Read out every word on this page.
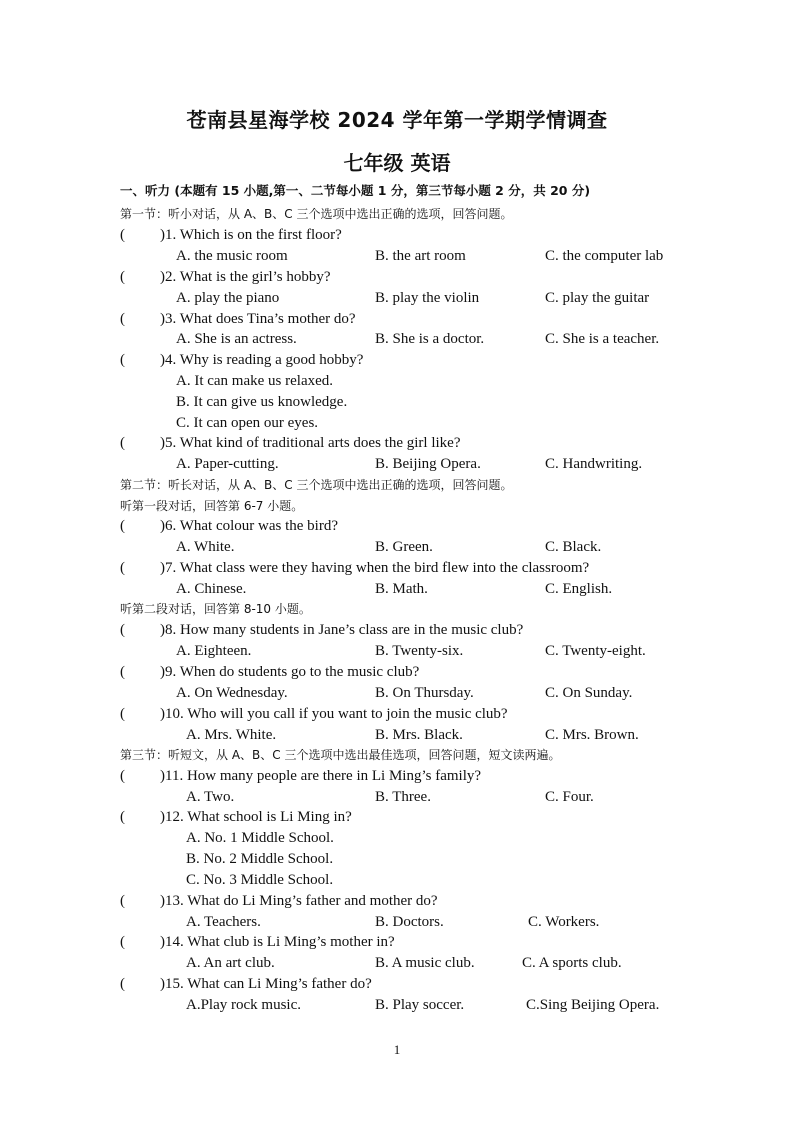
苍南县星海学校 2024 学年第一学期学情调查
七年级 英语
一、听力 (本题有 15 小题,第一、二节每小题 1 分，第三节每小题 2 分，共 20 分)
第一节：听小对话，从 A、B、C 三个选项中选出正确的选项，回答问题。
( )1. Which is on the first floor?
A. the music room	B. the art room	C. the computer lab
( )2. What is the girl’s hobby?
A. play the piano	B. play the violin	C. play the guitar
( )3. What does Tina’s mother do?
A. She is an actress.	B. She is a doctor.	C. She is a teacher.
( )4. Why is reading a good hobby?
A. It can make us relaxed.
B. It can give us knowledge.
C. It can open our eyes.
( )5. What kind of traditional arts does the girl like?
A. Paper-cutting.	B. Beijing Opera.	C. Handwriting.
第二节：听长对话，从 A、B、C 三个选项中选出正确的选项，回答问题。
听第一段对话，回答第 6-7 小题。
( )6. What colour was the bird?
A. White.	B. Green.	C. Black.
( )7. What class were they having when the bird flew into the classroom?
A. Chinese.	B. Math.	C. English.
听第二段对话，回答第 8-10 小题。
( )8. How many students in Jane’s class are in the music club?
A. Eighteen.	B. Twenty-six.	C. Twenty-eight.
( )9. When do students go to the music club?
A. On Wednesday.	B. On Thursday.	C. On Sunday.
( )10. Who will you call if you want to join the music club?
A. Mrs. White.	B. Mrs. Black.	C. Mrs. Brown.
第三节：听短文，从 A、B、C 三个选项中选出最佳选项，回答问题，短文读两遍。
( )11. How many people are there in Li Ming’s family?
A. Two.	B. Three.	C. Four.
( )12. What school is Li Ming in?
A. No. 1 Middle School.
B. No. 2 Middle School.
C. No. 3 Middle School.
( )13. What do Li Ming’s father and mother do?
A. Teachers.	B. Doctors.	C. Workers.
( )14. What club is Li Ming’s mother in?
A. An art club.	B. A music club.	C. A sports club.
( )15. What can Li Ming’s father do?
A.Play rock music.	B. Play soccer.	C.Sing Beijing Opera.
1
